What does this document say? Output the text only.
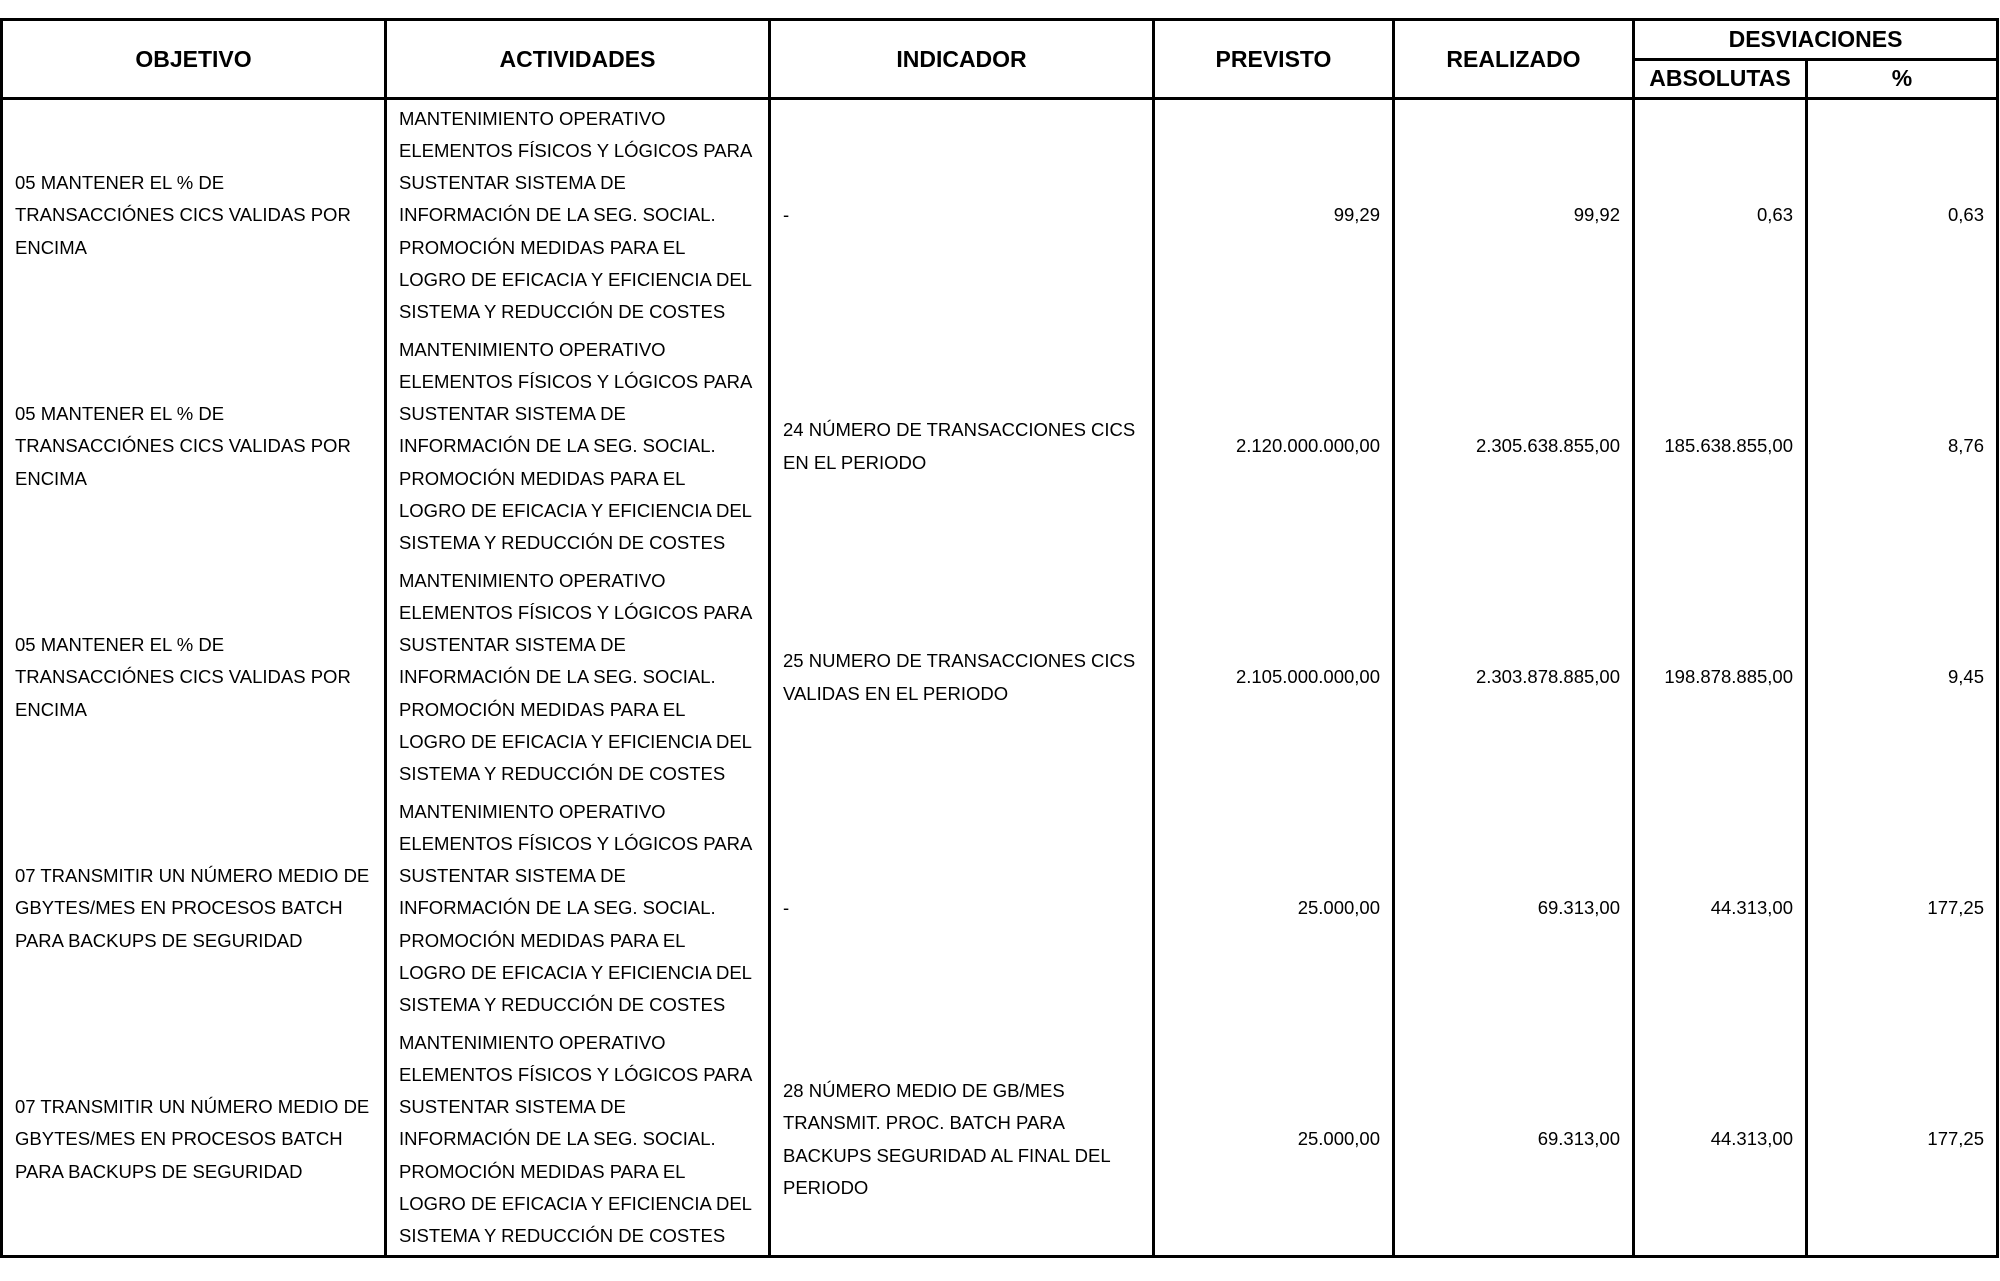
OBJETIVO	ACTIVIDADES	INDICADOR	PREVISTO	REALIZADO	DESVIACIONES	
					ABSOLUTAS	%
05 MANTENER EL % DE TRANSACCIÓNES CICS VALIDAS POR ENCIMA	MANTENIMIENTO OPERATIVO ELEMENTOS FÍSICOS Y LÓGICOS PARA SUSTENTAR SISTEMA DE INFORMACIÓN DE LA SEG. SOCIAL. PROMOCIÓN MEDIDAS PARA EL LOGRO DE EFICACIA Y EFICIENCIA DEL SISTEMA Y REDUCCIÓN DE COSTES	-	99,29	99,92	0,63	0,63
05 MANTENER EL % DE TRANSACCIÓNES CICS VALIDAS POR ENCIMA	MANTENIMIENTO OPERATIVO ELEMENTOS FÍSICOS Y LÓGICOS PARA SUSTENTAR SISTEMA DE INFORMACIÓN DE LA SEG. SOCIAL. PROMOCIÓN MEDIDAS PARA EL LOGRO DE EFICACIA Y EFICIENCIA DEL SISTEMA Y REDUCCIÓN DE COSTES	24 NÚMERO DE TRANSACCIONES CICS EN EL PERIODO	2.120.000.000,00	2.305.638.855,00	185.638.855,00	8,76
05 MANTENER EL % DE TRANSACCIÓNES CICS VALIDAS POR ENCIMA	MANTENIMIENTO OPERATIVO ELEMENTOS FÍSICOS Y LÓGICOS PARA SUSTENTAR SISTEMA DE INFORMACIÓN DE LA SEG. SOCIAL. PROMOCIÓN MEDIDAS PARA EL LOGRO DE EFICACIA Y EFICIENCIA DEL SISTEMA Y REDUCCIÓN DE COSTES	25 NUMERO DE TRANSACCIONES CICS VALIDAS EN EL PERIODO	2.105.000.000,00	2.303.878.885,00	198.878.885,00	9,45
07 TRANSMITIR UN NÚMERO MEDIO DE GBYTES/MES EN PROCESOS BATCH PARA BACKUPS DE SEGURIDAD	MANTENIMIENTO OPERATIVO ELEMENTOS FÍSICOS Y LÓGICOS PARA SUSTENTAR SISTEMA DE INFORMACIÓN DE LA SEG. SOCIAL. PROMOCIÓN MEDIDAS PARA EL LOGRO DE EFICACIA Y EFICIENCIA DEL SISTEMA Y REDUCCIÓN DE COSTES	-	25.000,00	69.313,00	44.313,00	177,25
07 TRANSMITIR UN NÚMERO MEDIO DE GBYTES/MES EN PROCESOS BATCH PARA BACKUPS DE SEGURIDAD	MANTENIMIENTO OPERATIVO ELEMENTOS FÍSICOS Y LÓGICOS PARA SUSTENTAR SISTEMA DE INFORMACIÓN DE LA SEG. SOCIAL. PROMOCIÓN MEDIDAS PARA EL LOGRO DE EFICACIA Y EFICIENCIA DEL SISTEMA Y REDUCCIÓN DE COSTES	28 NÚMERO MEDIO DE GB/MES TRANSMIT. PROC. BATCH PARA BACKUPS SEGURIDAD AL FINAL DEL PERIODO	25.000,00	69.313,00	44.313,00	177,25
